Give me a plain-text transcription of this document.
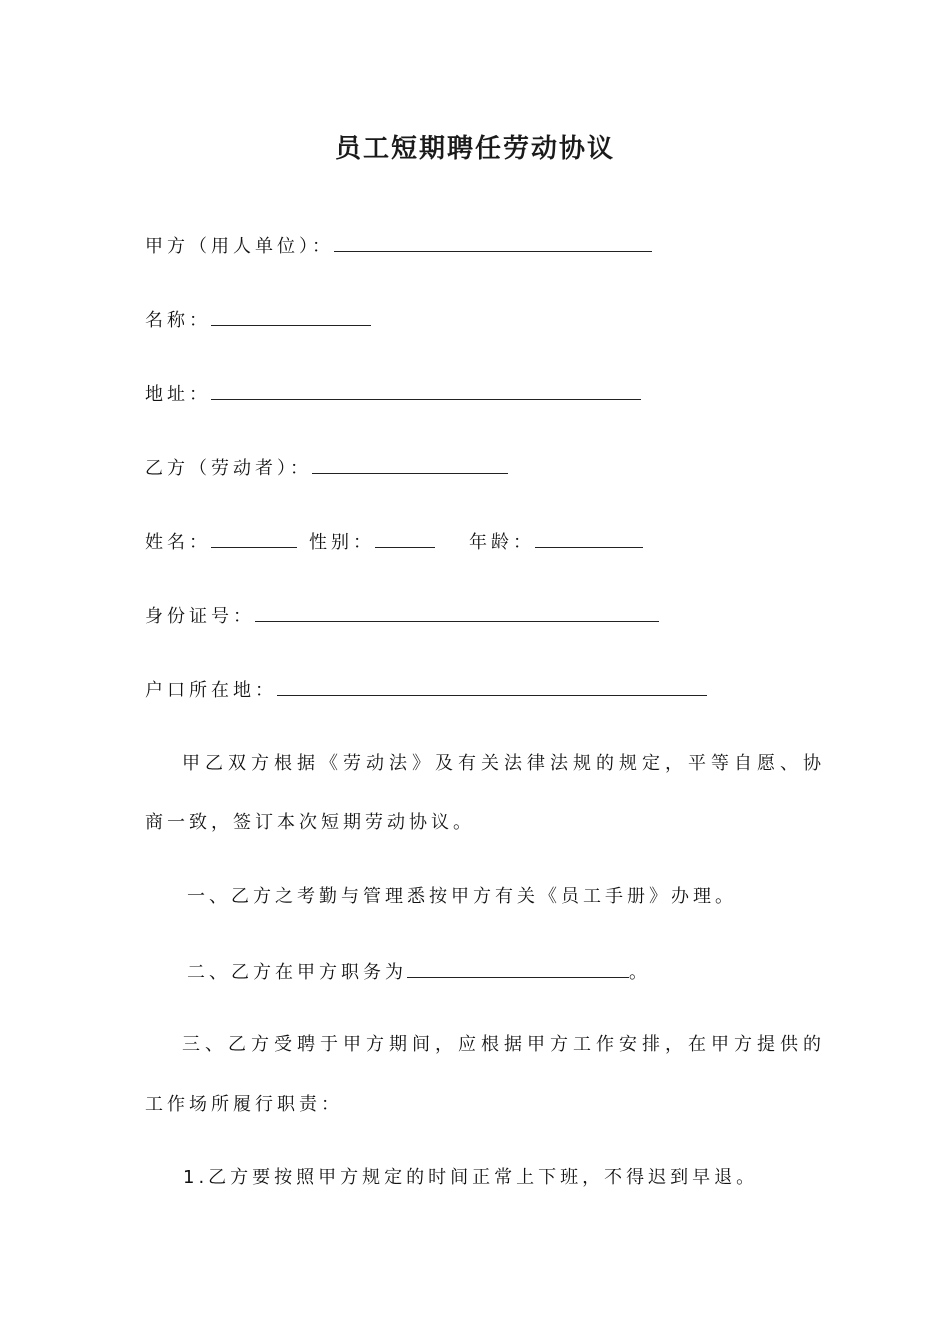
员工短期聘任劳动协议
甲方（用人单位）：
名称：
地址：
乙方（劳动者）：
姓名：	性别：	年龄：
身份证号：
户口所在地：
甲乙双方根据《劳动法》及有关法律法规的规定，平等自愿、协
商一致，签订本次短期劳动协议。
一、乙方之考勤与管理悉按甲方有关《员工手册》办理。
二、乙方在甲方职务为	。
三、乙方受聘于甲方期间，应根据甲方工作安排，在甲方提供的
工作场所履行职责：
1.乙方要按照甲方规定的时间正常上下班，不得迟到早退。
